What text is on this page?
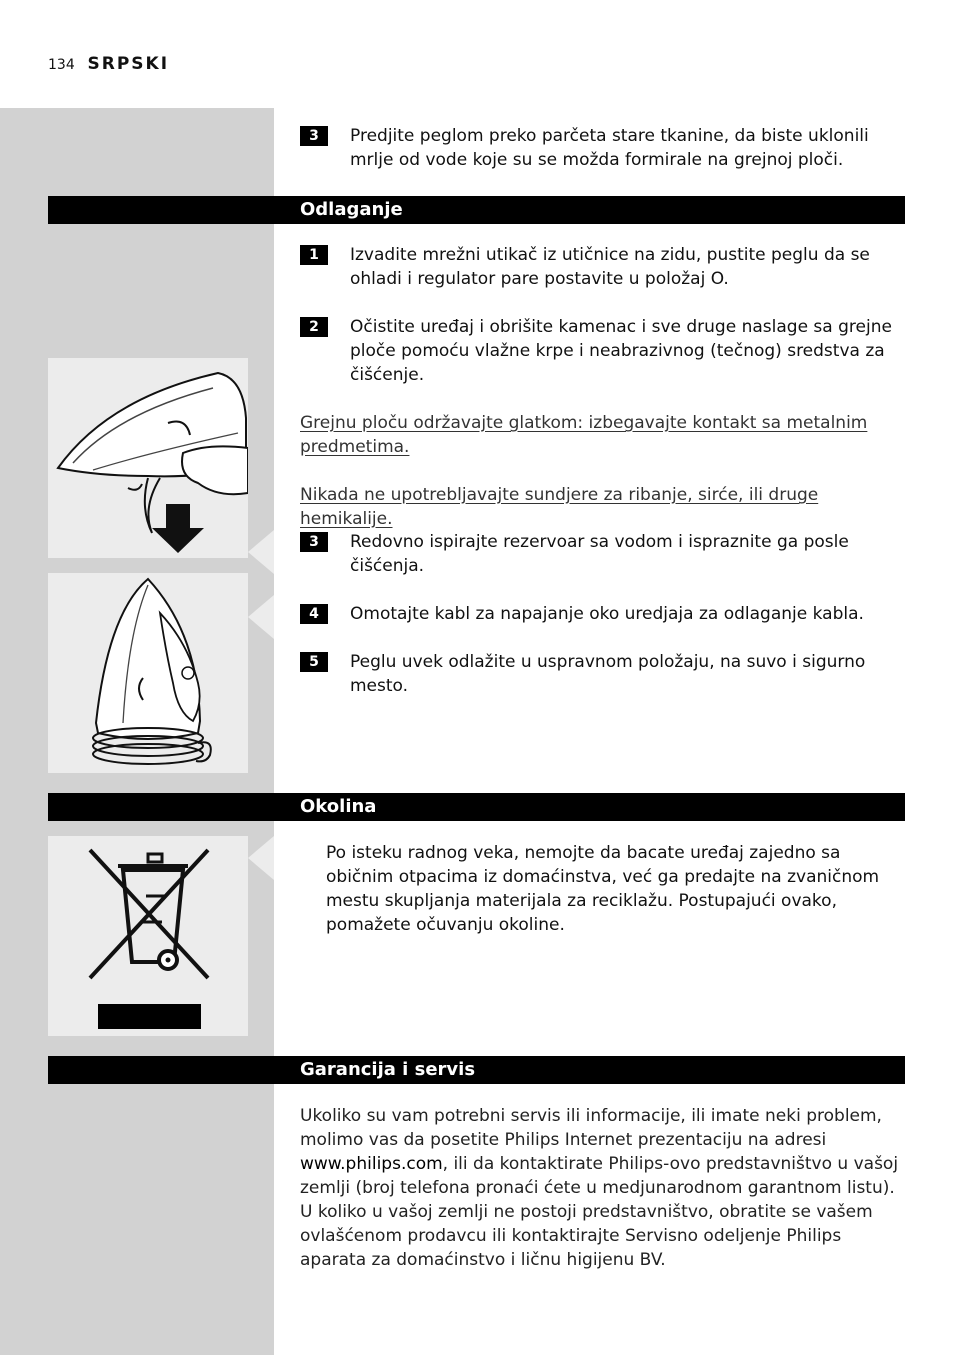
134 SRPSKI
3	Predjite peglom preko parčeta stare tkanine, da biste uklonili mrlje od vode koje su se možda formirale na grejnoj ploči.
Odlaganje
1	Izvadite mrežni utikač iz utičnice na zidu, pustite peglu da se ohladi i regulator pare postavite u položaj O.
2	Očistite uređaj i obrišite kamenac i sve druge naslage sa grejne ploče pomoću vlažne krpe i neabrazivnog (tečnog) sredstva za čišćenje.
Grejnu ploču održavajte glatkom: izbegavajte kontakt sa metalnim predmetima.
Nikada ne upotrebljavajte sundjere za ribanje, sirće, ili druge hemikalije.
3	Redovno ispirajte rezervoar sa vodom i ispraznite ga posle čišćenja.
4	Omotajte kabl za napajanje oko uredjaja za odlaganje kabla.
5	Peglu uvek odlažite u uspravnom položaju, na suvo i sigurno mesto.
Okolina
Po isteku radnog veka, nemojte da bacate uređaj zajedno sa običnim otpacima iz domaćinstva, već ga predajte na zvaničnom mestu skupljanja materijala za reciklažu. Postupajući ovako, pomažete očuvanju okoline.
Garancija i servis
Ukoliko su vam potrebni servis ili informacije, ili imate neki problem, molimo vas da posetite Philips Internet prezentaciju na adresi www.philips.com, ili da kontaktirate Philips-ovo predstavništvo u vašoj zemlji (broj telefona pronaći ćete u medjunarodnom garantnom listu). U koliko u vašoj zemlji ne postoji predstavništvo, obratite se vašem ovlašćenom prodavcu ili kontaktirajte Servisno odeljenje Philips aparata za domaćinstvo i ličnu higijenu BV.
